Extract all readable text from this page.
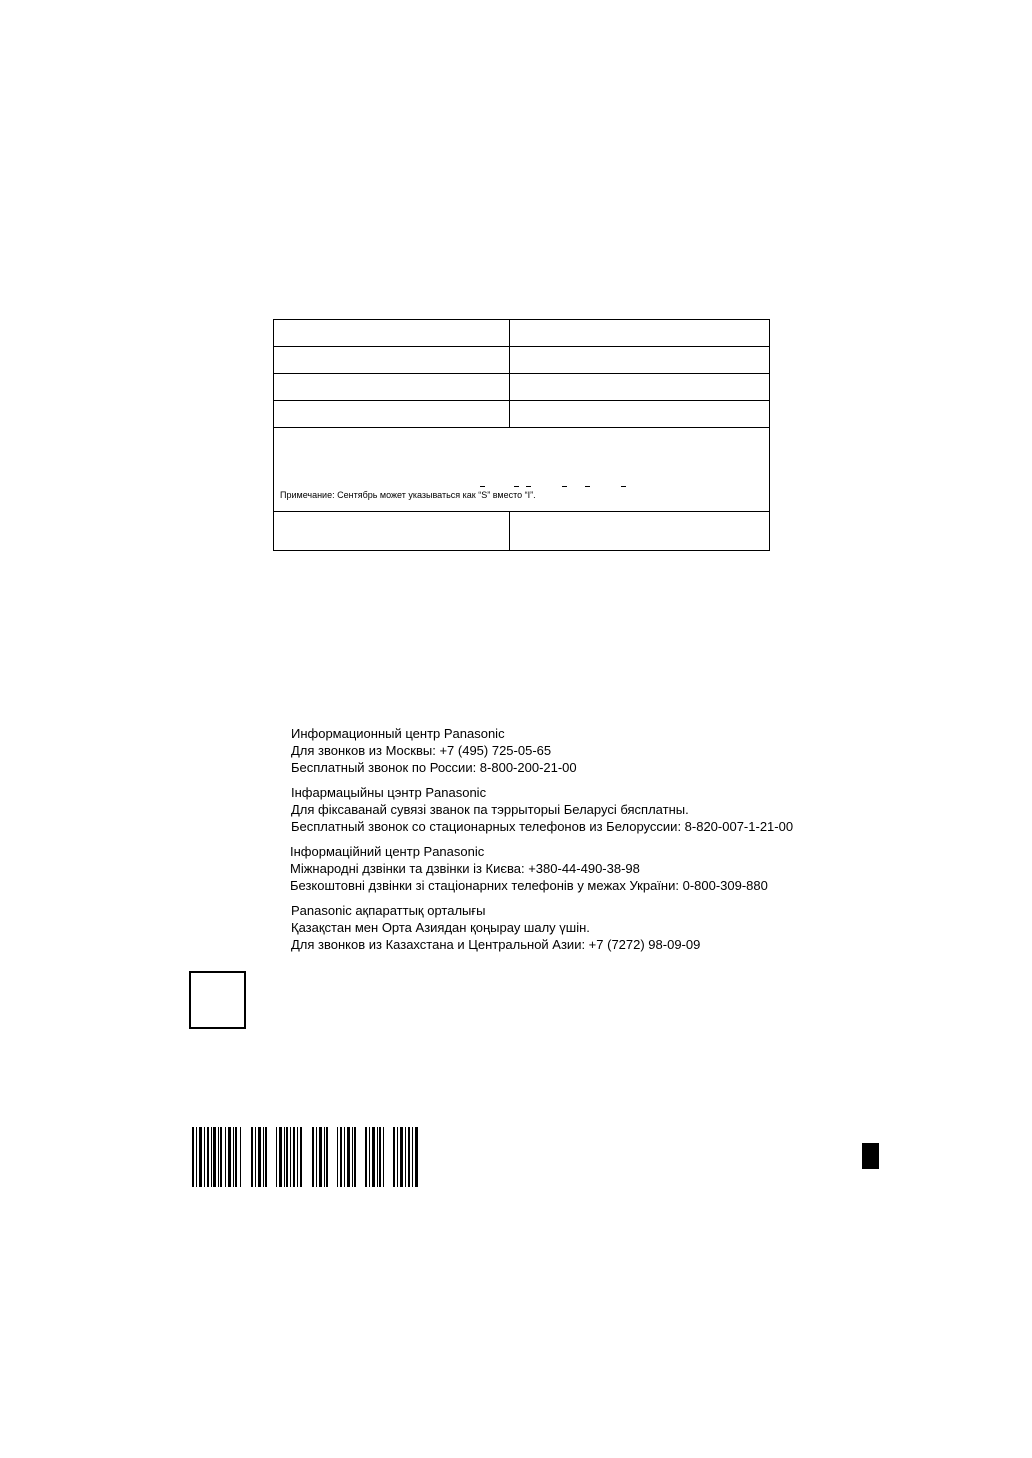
Примечание: Сентябрь может указываться как “S” вместо “I”.	

Информационный центр Panasonic
Для звонков из Москвы: +7 (495) 725-05-65
Бесплатный звонок по России: 8-800-200-21-00
Інфармацыйны цэнтр Panasonic
Для фіксаванай сувязі званок па тэррыторыі Беларусі бясплатны.
Бесплатный звонок со стационарных телефонов из Белоруссии: 8-820-007-1-21-00
Інформаційний центр Panasonic
Міжнародні дзвінки та дзвінки із Києва: +380-44-490-38-98
Безкоштовні дзвінки зі стаціонарних телефонів у межах України: 0-800-309-880
Panasonic ақпараттық орталығы
Қазақстан мен Орта Азиядан қоңырау шалу үшін.
Для звонков из Казахстана и Центральной Азии: +7 (7272) 98-09-09
